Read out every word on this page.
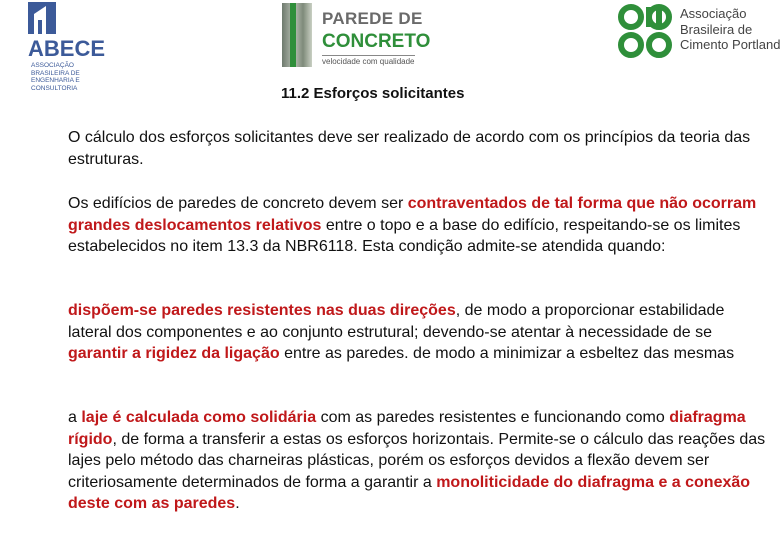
ABECE
ASSOCIAÇÃO
BRASILEIRA DE
ENGENHARIA E
CONSULTORIA
PAREDE DE
CONCRETO
velocidade com qualidade
Associação
Brasileira de
Cimento Portland
11.2 Esforços solicitantes
O cálculo dos esforços solicitantes deve ser realizado de acordo com os princípios da teoria das estruturas.
Os edifícios de paredes de concreto devem ser contraventados de tal forma que não ocorram grandes deslocamentos relativos entre o topo e a base do edifício, respeitando-se os limites estabelecidos no item 13.3 da NBR6118. Esta condição admite-se atendida quando:
dispõem-se paredes resistentes nas duas direções, de modo a proporcionar estabilidade lateral dos componentes e ao conjunto estrutural; devendo-se atentar à necessidade de se garantir a rigidez da ligação entre as paredes. de modo a minimizar a esbeltez das mesmas
a laje é calculada como solidária com as paredes resistentes e funcionando como diafragma rígido, de forma a transferir a estas os esforços horizontais. Permite-se o cálculo das reações das lajes pelo método das charneiras plásticas, porém os esforços devidos a flexão devem ser criteriosamente determinados de forma a garantir a monoliticidade do diafragma e a conexão deste com as paredes.
